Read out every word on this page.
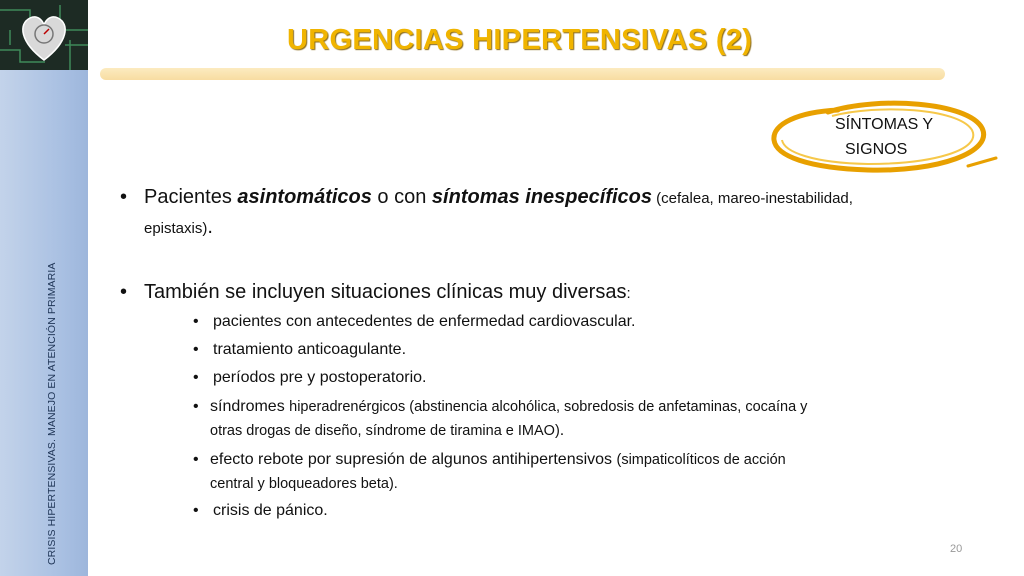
CRISIS HIPERTENSIVAS. MANEJO EN ATENCIÓN PRIMARIA
URGENCIAS HIPERTENSIVAS (2)
SÍNTOMAS Y
SIGNOS
• Pacientes asintomáticos o con síntomas inespecíficos (cefalea, mareo-inestabilidad,
epistaxis).
• También se incluyen situaciones clínicas muy diversas:
• pacientes con antecedentes de enfermedad cardiovascular.
• tratamiento anticoagulante.
• períodos pre y postoperatorio.
• síndromes hiperadrenérgicos (abstinencia alcohólica, sobredosis de anfetaminas, cocaína y
otras drogas de diseño, síndrome de tiramina e IMAO).
• efecto rebote por supresión de algunos antihipertensivos (simpaticolíticos de acción
central y bloqueadores beta).
• crisis de pánico.
20
